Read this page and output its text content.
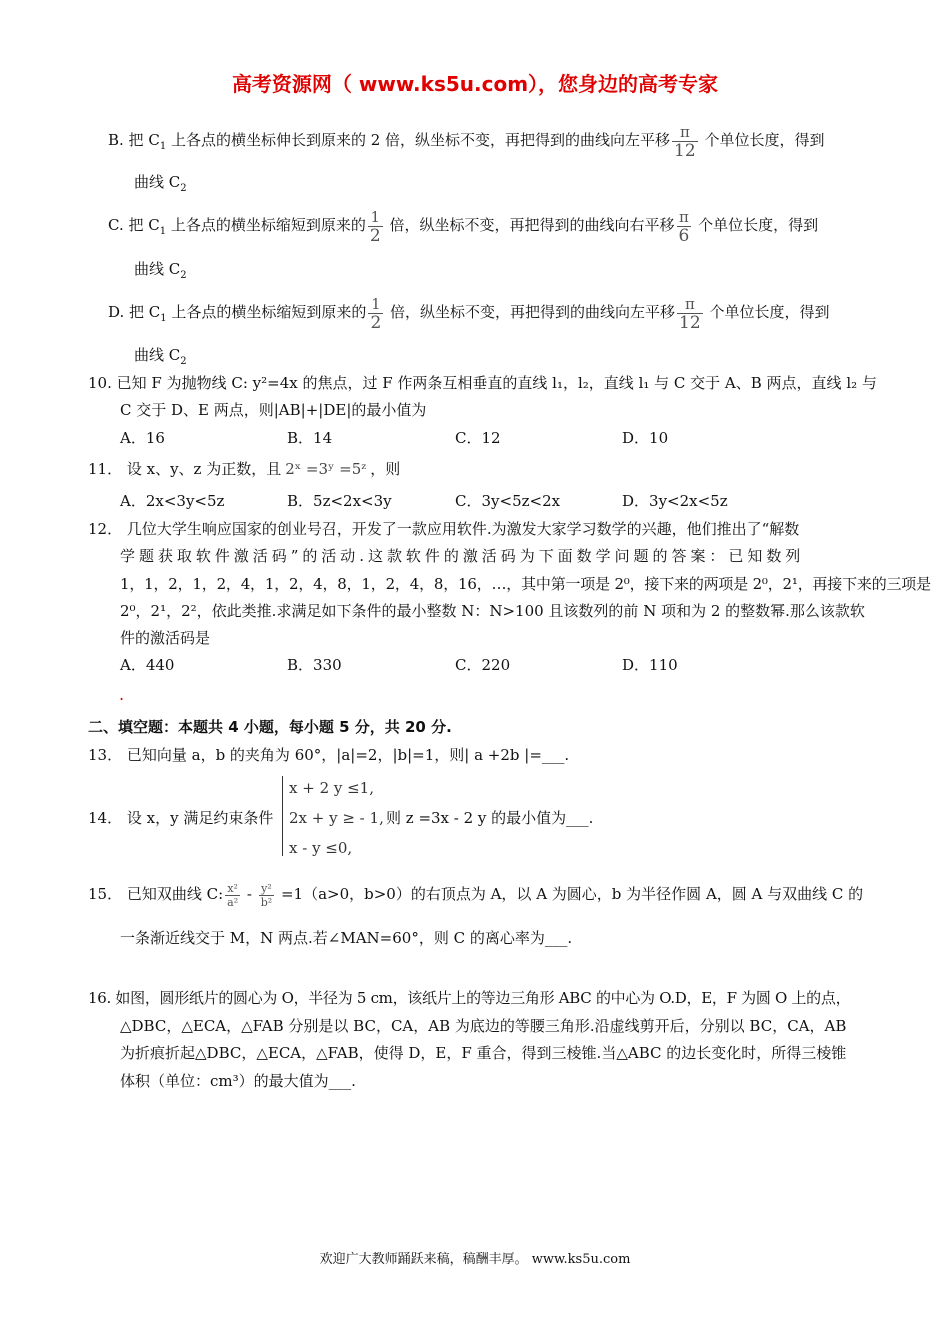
高考资源网（ www.ks5u.com），您身边的高考专家
B. 把 $C_1$ 上各点的横坐标伸长到原来的 2 倍，纵坐标不变，再把得到的曲线向左平移 $\frac{\pi}{12}$ 个单位长度，得到
曲线 $C_2$
C. 把 $C_1$ 上各点的横坐标缩短到原来的 $\frac{1}{2}$ 倍，纵坐标不变，再把得到的曲线向右平移 $\frac{\pi}{6}$ 个单位长度，得到
曲线 $C_2$
D. 把 $C_1$ 上各点的横坐标缩短到原来的 $\frac{1}{2}$ 倍，纵坐标不变，再把得到的曲线向左平移 $\frac{\pi}{12}$ 个单位长度，得到
曲线 $C_2$
10. 已知 F 为抛物线 C: y²=4x 的焦点，过 F 作两条互相垂直的直线 l₁，l₂，直线 l₁ 与 C 交于 A、B 两点，直线 l₂ 与
C 交于 D、E 两点，则|AB|+|DE|的最小值为
A．16	B．14	C．12	D．10
11． 设 x、y、z 为正数，且 2ˣ =3ʸ =5ᶻ ，则
A．2x<3y<5z	B．5z<2x<3y	C．3y<5z<2x	D．3y<2x<5z
12． 几位大学生响应国家的创业号召，开发了一款应用软件.为激发大家学习数学的兴趣，他们推出了“解数
学 题 获 取 软 件 激 活 码 ” 的 活 动 . 这 款 软 件 的 激 活 码 为 下 面 数 学 问 题 的 答 案 ： 已 知 数 列
1，1，2，1，2，4，1，2，4，8，1，2，4，8，16，…，其中第一项是 2⁰，接下来的两项是 2⁰，2¹，再接下来的三项是
2⁰，2¹，2²，依此类推.求满足如下条件的最小整数 N：N>100 且该数列的前 N 项和为 2 的整数幂.那么该款软
件的激活码是
A．440	B．330	C．220	D．110
.
二、填空题：本题共 4 小题，每小题 5 分，共 20 分.
13． 已知向量 a，b 的夹角为 60°，|a|=2，|b|=1，则| a +2b |=___.
14． 设 x，y 满足约束条件
x + 2 y ≤1,
2x + y ≥ - 1,
x - y ≤0,
则 z =3x - 2 y 的最小值为___.
15． 已知双曲线 C: $\frac{\text{x²}}{\text{a²}} - \frac{\text{y²}}{\text{b²}} =1(a>0$，b>0）的右顶点为 A，以 A 为圆心，b 为半径作圆 A，圆 A 与双曲线 C 的
一条渐近线交于 M，N 两点.若∠MAN=60°，则 C 的离心率为___.
16. 如图，圆形纸片的圆心为 O，半径为 5 cm，该纸片上的等边三角形 ABC 的中心为 O.D，E，F 为圆 O 上的点，
△DBC，△ECA，△FAB 分别是以 BC，CA，AB 为底边的等腰三角形.沿虚线剪开后，分别以 BC，CA，AB
为折痕折起△DBC，△ECA，△FAB，使得 D，E，F 重合，得到三棱锥.当△ABC 的边长变化时，所得三棱锥
体积（单位：cm³）的最大值为___.
欢迎广大教师踊跃来稿，稿酬丰厚。 www.ks5u.com
